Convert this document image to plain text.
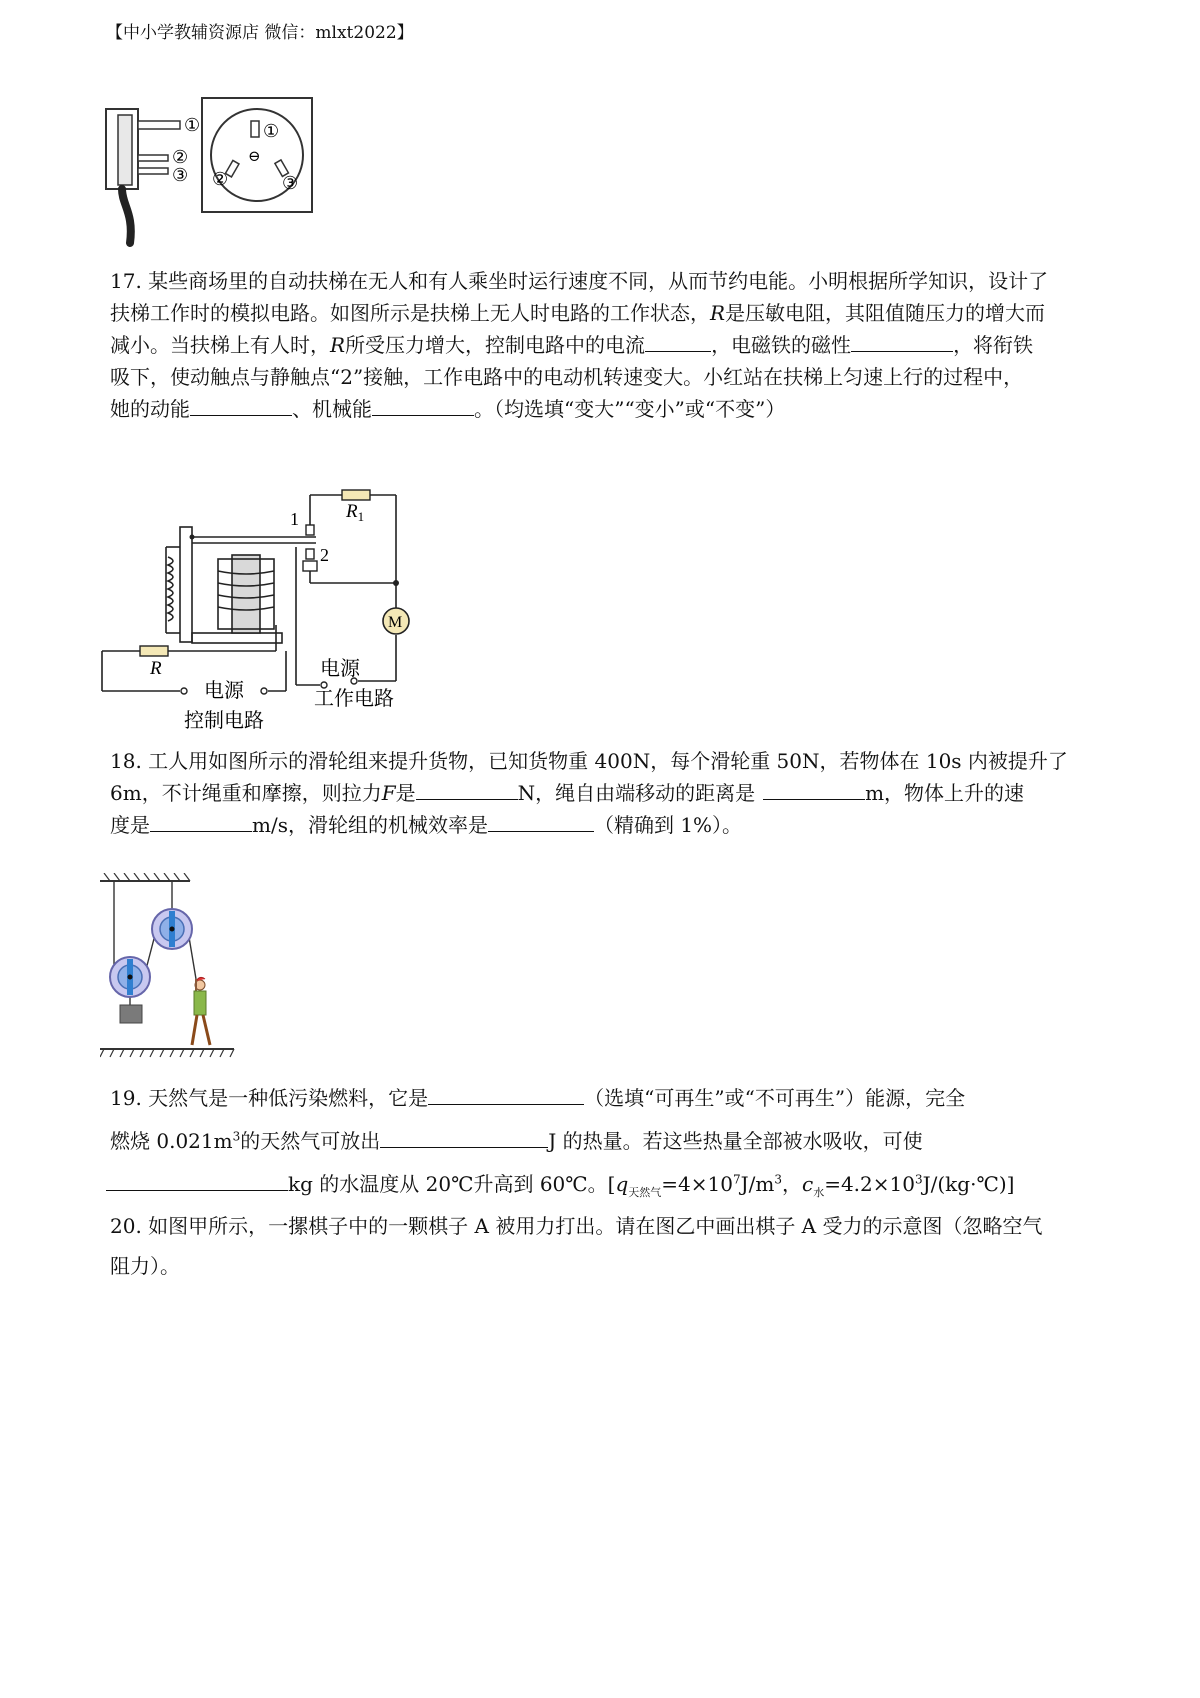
【中小学教辅资源店 微信：mlxt2022】
①
②
③
①
⊖
②	③
17. 某些商场里的自动扶梯在无人和有人乘坐时运行速度不同，从而节约电能。小明根据所学知识，设计了
扶梯工作时的模拟电路。如图所示是扶梯上无人时电路的工作状态，R是压敏电阻，其阻值随压力的增大而
减小。当扶梯上有人时，R所受压力增大，控制电路中的电流	，电磁铁的磁性	，将衔铁
吸下，使动触点与静触点“2”接触，工作电路中的电动机转速变大。小红站在扶梯上匀速上行的过程中，
她的动能	、机械能	。（均选填“变大”“变小”或“不变”）
$R_1$
1
2
R
M
电源
控制电路
电源
工作电路
18. 工人用如图所示的滑轮组来提升货物，已知货物重 400N，每个滑轮重 50N，若物体在 10s 内被提升了
6m，不计绳重和摩擦，则拉力F是	N，绳自由端移动的距离是	m，物体上升的速
度是	m/s，滑轮组的机械效率是	（精确到 1%）。
19. 天然气是一种低污染燃料，它是	（选填“可再生”或“不可再生”）能源，完全
燃烧 $0.021m^3$的天然气可放出	J 的热量。若这些热量全部被水吸收，可使
kg 的水温度从 20℃升高到 60℃。[$q_{天然气}=4\times 10^7J/m^3$，$c_水=4.2\times 10^3J/(kg\cdot℃)$]
20. 如图甲所示，一摞棋子中的一颗棋子 A 被用力打出。请在图乙中画出棋子 A 受力的示意图（忽略空气
阻力）。
